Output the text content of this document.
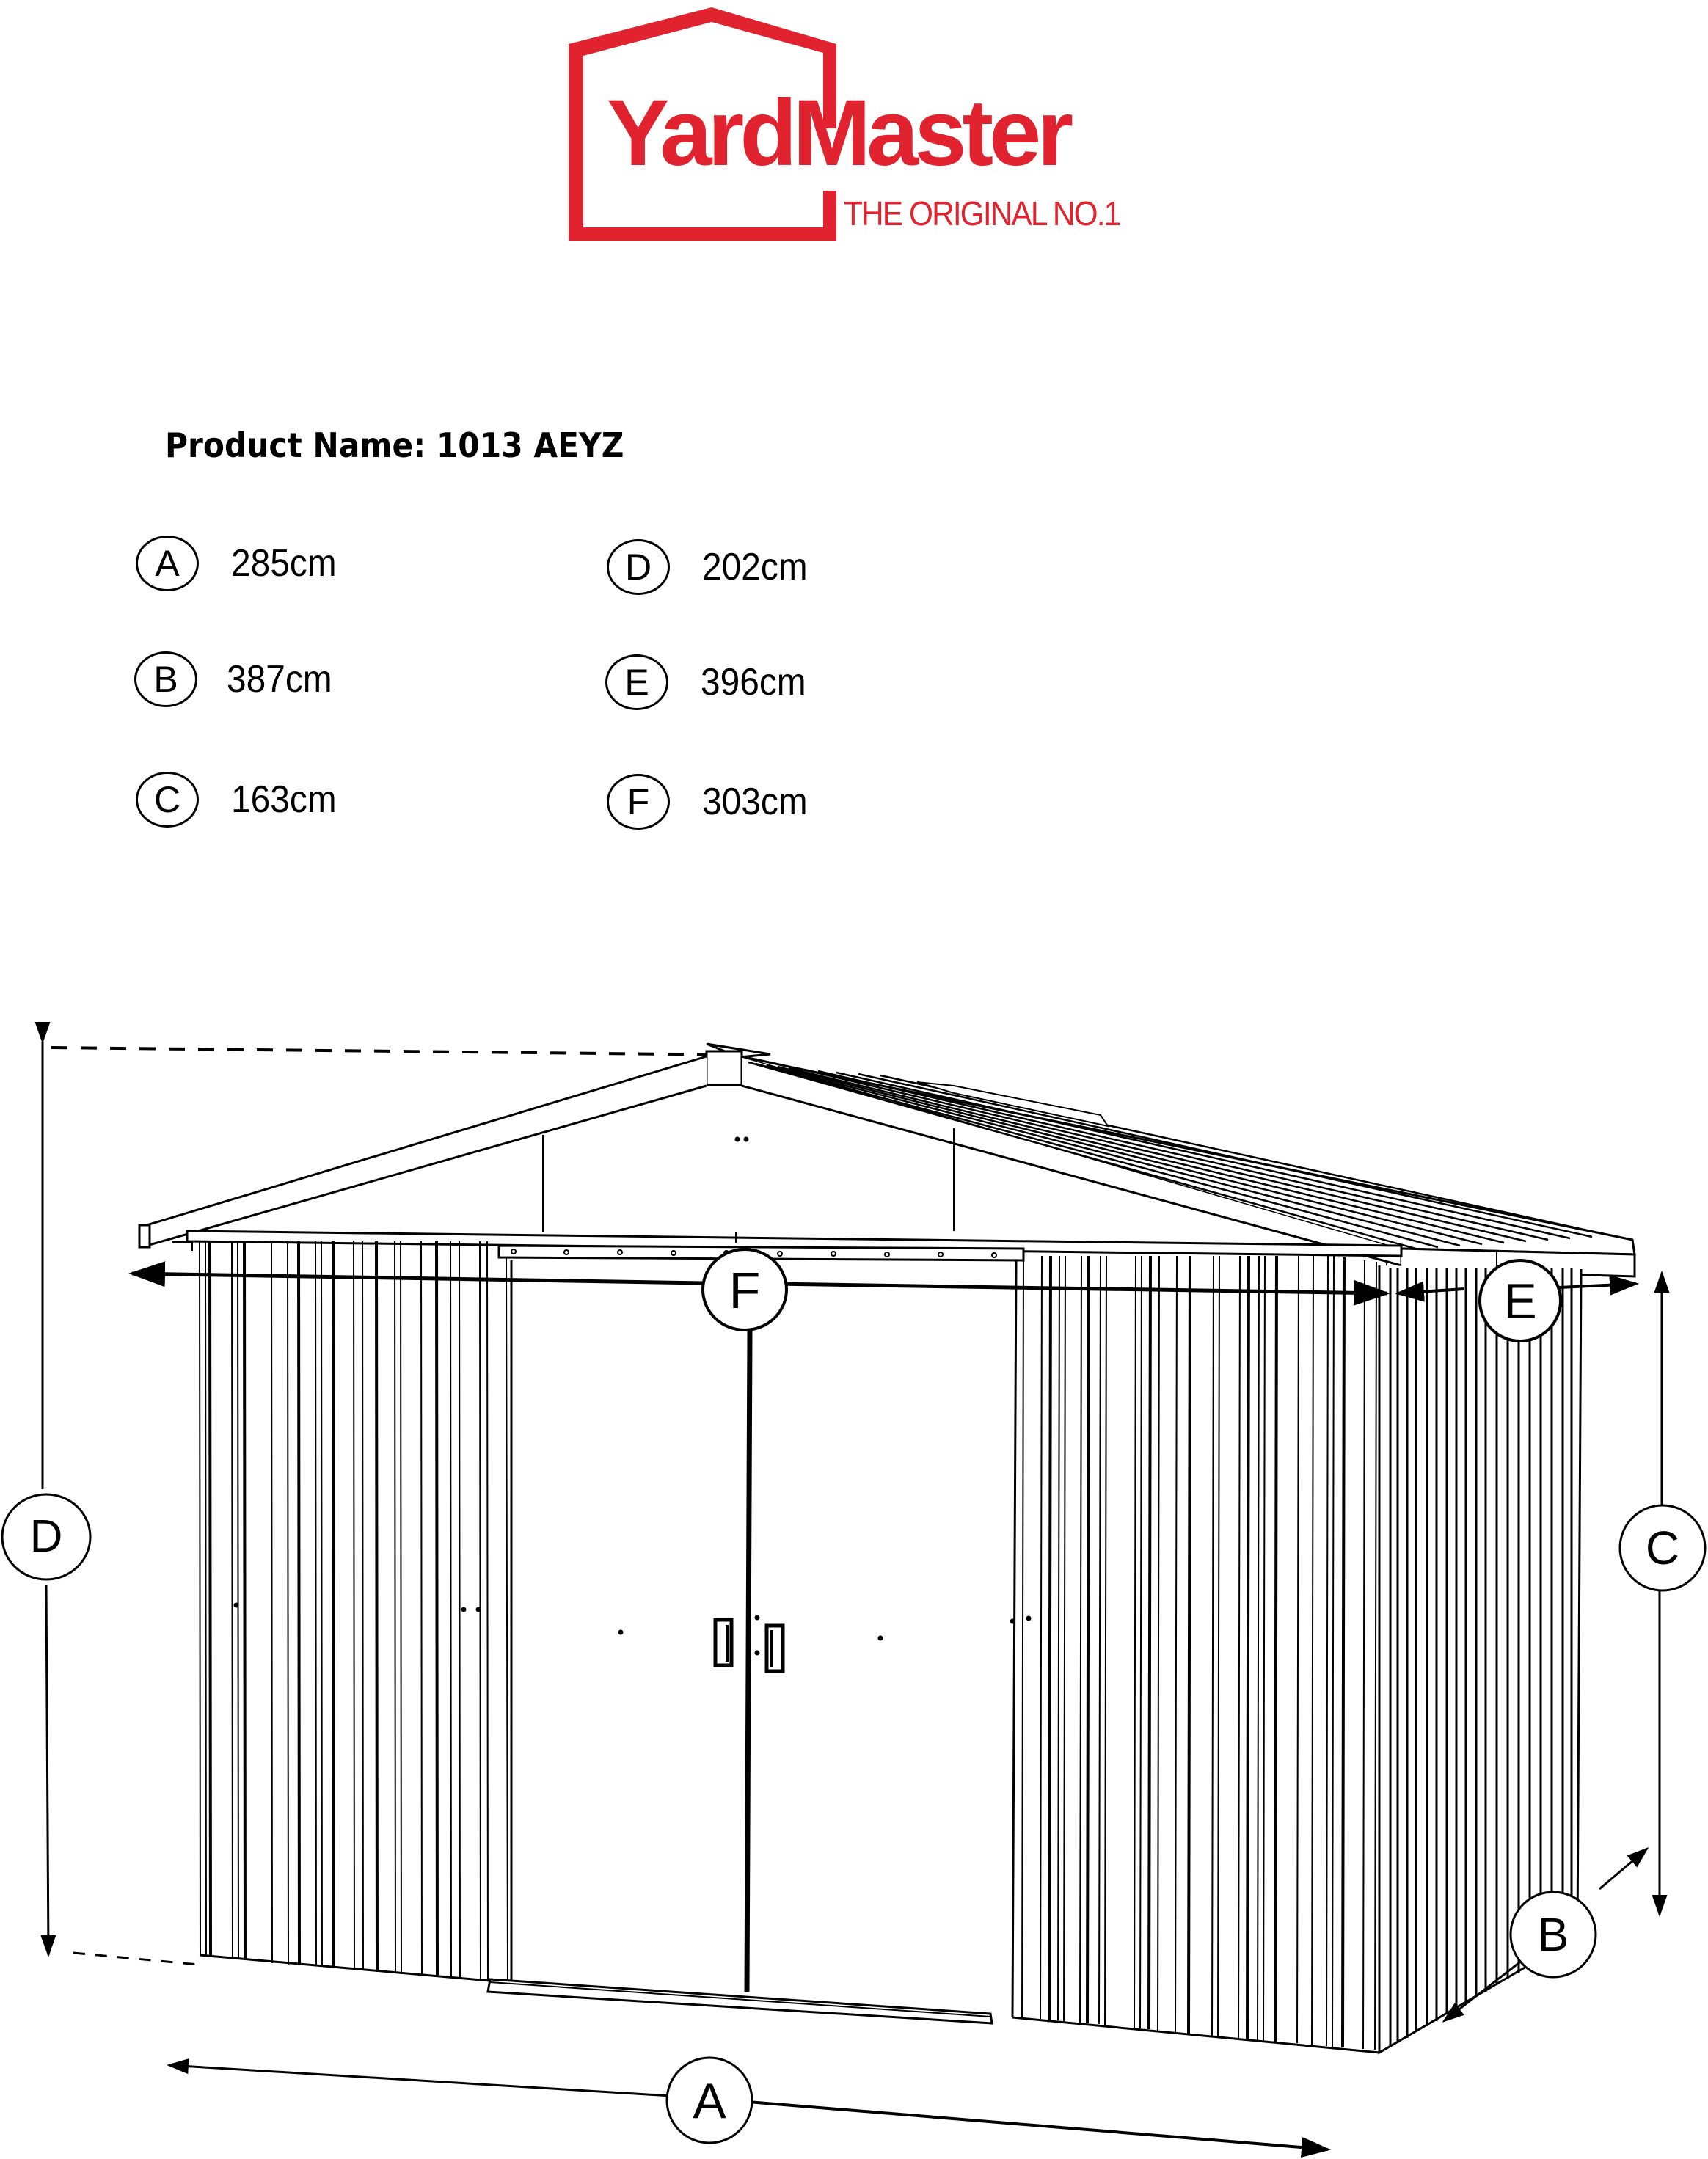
YardMaster
THE ORIGINAL NO.1
Product Name: 1013 AEYZ
A	285cm
B	387cm
C	163cm
D	202cm
E	396cm
F	303cm
D
F	E
C
B
A
